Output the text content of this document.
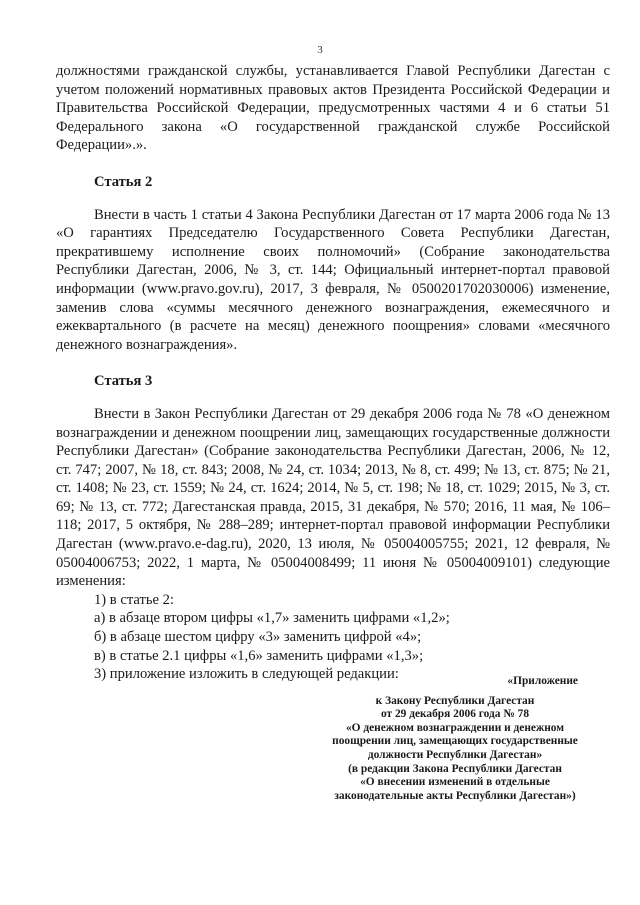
3

должностями гражданской службы, устанавливается Главой Республики Дагестан с учетом положений нормативных правовых актов Президента Российской Федерации и Правительства Российской Федерации, предусмотренных частями 4 и 6 статьи 51 Федерального закона «О государственной гражданской службе Российской Федерации».».

Статья 2

Внести в часть 1 статьи 4 Закона Республики Дагестан от 17 марта 2006 года № 13 «О гарантиях Председателю Государственного Совета Республики Дагестан, прекратившему исполнение своих полномочий» (Собрание законодательства Республики Дагестан, 2006, № 3, ст. 144; Официальный интернет-портал правовой информации (www.pravo.gov.ru), 2017, 3 февраля, № 0500201702030006) изменение, заменив слова «суммы месячного денежного вознаграждения, ежемесячного и ежеквартального (в расчете на месяц) денежного поощрения» словами «месячного денежного вознаграждения».

Статья 3

Внести в Закон Республики Дагестан от 29 декабря 2006 года № 78 «О денежном вознаграждении и денежном поощрении лиц, замещающих государственные должности Республики Дагестан» (Собрание законодательства Республики Дагестан, 2006, № 12, ст. 747; 2007, № 18, ст. 843; 2008, № 24, ст. 1034; 2013, № 8, ст. 499; № 13, ст. 875; № 21, ст. 1408; № 23, ст. 1559; № 24, ст. 1624; 2014, № 5, ст. 198; № 18, ст. 1029; 2015, № 3, ст. 69; № 13, ст. 772; Дагестанская правда, 2015, 31 декабря, № 570; 2016, 11 мая, № 106–118; 2017, 5 октября, № 288–289; интернет-портал правовой информации Республики Дагестан (www.pravo.e-dag.ru), 2020, 13 июля, № 05004005755; 2021, 12 февраля, № 05004006753; 2022, 1 марта, № 05004008499; 11 июня № 05004009101) следующие изменения:

1) в статье 2:

а) в абзаце втором цифры «1,7» заменить цифрами «1,2»;

б) в абзаце шестом цифру «3» заменить цифрой «4»;

в) в статье 2.1 цифры «1,6» заменить цифрами «1,3»;

3) приложение изложить в следующей редакции:	«Приложение
к Закону Республики Дагестан
от 29 декабря 2006 года № 78
«О денежном вознаграждении и денежном
поощрении лиц, замещающих государственные
должности Республики Дагестан»
(в редакции Закона Республики Дагестан
«О внесении изменений в отдельные
законодательные акты Республики Дагестан»)
